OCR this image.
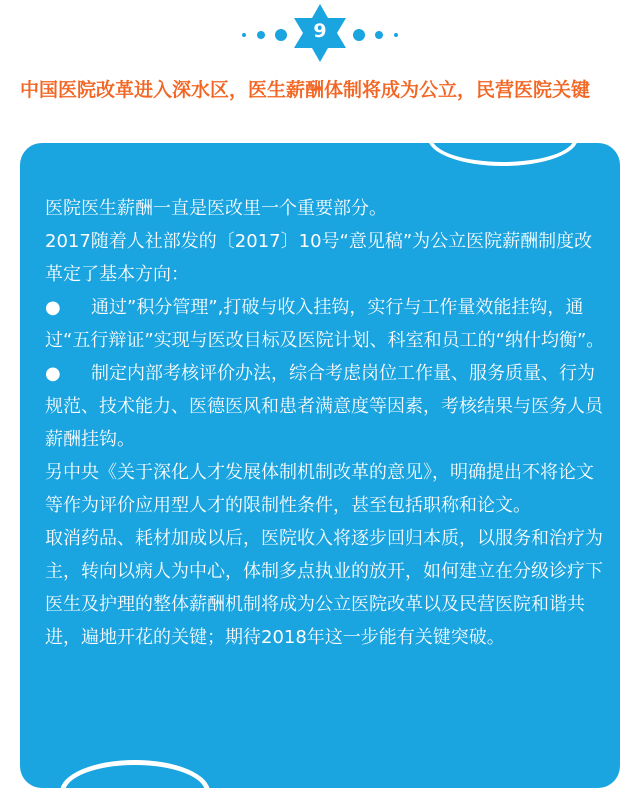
9
中国医院改革进入深水区，医生薪酬体制将成为公立，民营医院关键

医院医生薪酬一直是医改里一个重要部分。

2017随着人社部发的〔2017〕10号“意见稿”为公立医院薪酬制度改革定了基本方向：

● 通过”积分管理”,打破与收入挂钩，实行与工作量效能挂钩，通过“五行辩证”实现与医改目标及医院计划、科室和员工的“纳什均衡”。

● 制定内部考核评价办法，综合考虑岗位工作量、服务质量、行为规范、技术能力、医德医风和患者满意度等因素，考核结果与医务人员薪酬挂钩。

另中央《关于深化人才发展体制机制改革的意见》，明确提出不将论文等作为评价应用型人才的限制性条件，甚至包括职称和论文。

取消药品、耗材加成以后，医院收入将逐步回归本质，以服务和治疗为主，转向以病人为中心，体制多点执业的放开，如何建立在分级诊疗下医生及护理的整体薪酬机制将成为公立医院改革以及民营医院和谐共进，遍地开花的关键；期待2018年这一步能有关键突破。
